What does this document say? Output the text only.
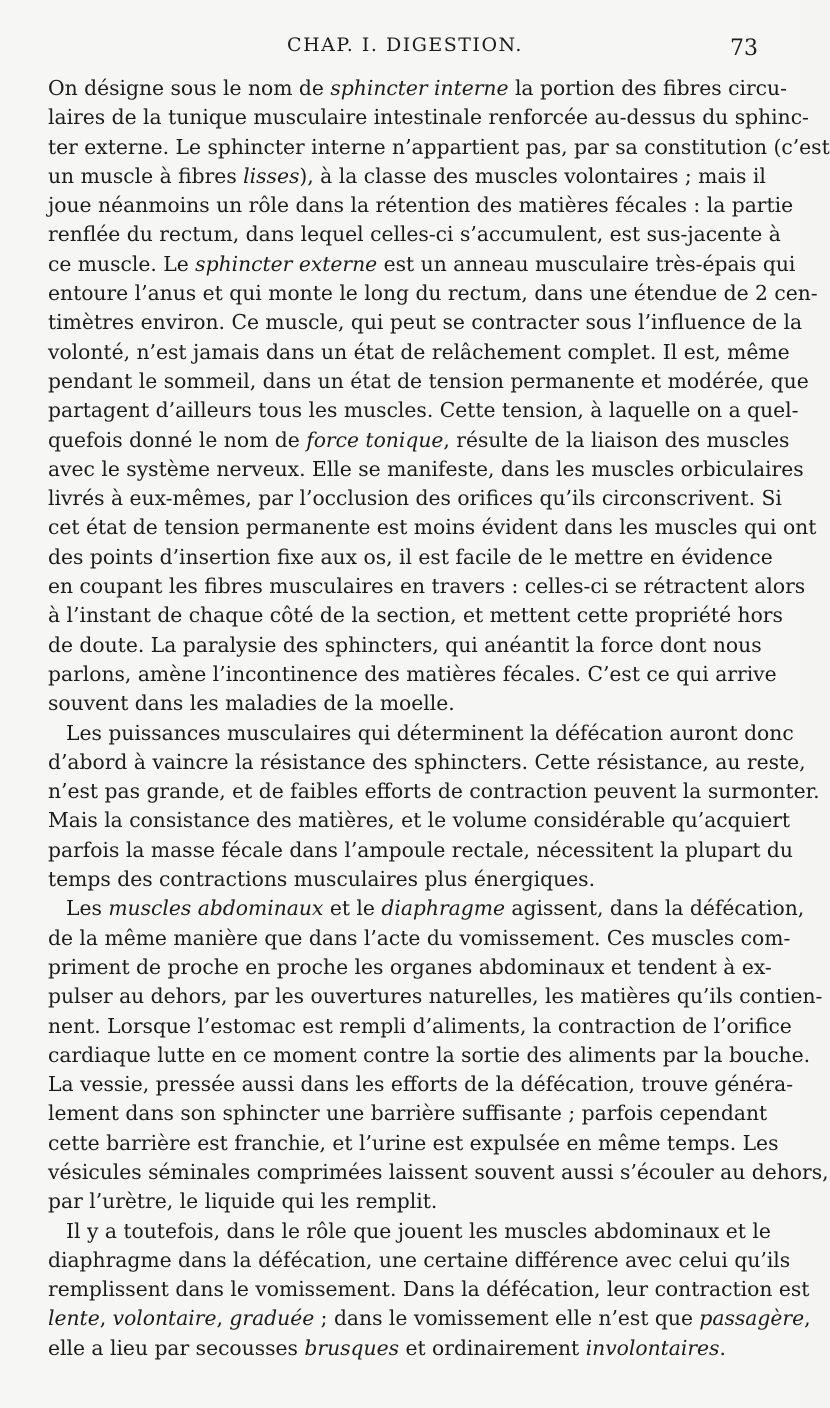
CHAP. I. DIGESTION.	73
On désigne sous le nom de sphincter interne la portion des fibres circu-
laires de la tunique musculaire intestinale renforcée au-dessus du sphinc-
ter externe. Le sphincter interne n’appartient pas, par sa constitution (c’est
un muscle à fibres lisses), à la classe des muscles volontaires ; mais il
joue néanmoins un rôle dans la rétention des matières fécales : la partie
renflée du rectum, dans lequel celles-ci s’accumulent, est sus-jacente à
ce muscle. Le sphincter externe est un anneau musculaire très-épais qui
entoure l’anus et qui monte le long du rectum, dans une étendue de 2 cen-
timètres environ. Ce muscle, qui peut se contracter sous l’influence de la
volonté, n’est jamais dans un état de relâchement complet. Il est, même
pendant le sommeil, dans un état de tension permanente et modérée, que
partagent d’ailleurs tous les muscles. Cette tension, à laquelle on a quel-
quefois donné le nom de force tonique, résulte de la liaison des muscles
avec le système nerveux. Elle se manifeste, dans les muscles orbiculaires
livrés à eux-mêmes, par l’occlusion des orifices qu’ils circonscrivent. Si
cet état de tension permanente est moins évident dans les muscles qui ont
des points d’insertion fixe aux os, il est facile de le mettre en évidence
en coupant les fibres musculaires en travers : celles-ci se rétractent alors
à l’instant de chaque côté de la section, et mettent cette propriété hors
de doute. La paralysie des sphincters, qui anéantit la force dont nous
parlons, amène l’incontinence des matières fécales. C’est ce qui arrive
souvent dans les maladies de la moelle.
Les puissances musculaires qui déterminent la défécation auront donc
d’abord à vaincre la résistance des sphincters. Cette résistance, au reste,
n’est pas grande, et de faibles efforts de contraction peuvent la surmonter.
Mais la consistance des matières, et le volume considérable qu’acquiert
parfois la masse fécale dans l’ampoule rectale, nécessitent la plupart du
temps des contractions musculaires plus énergiques.
Les muscles abdominaux et le diaphragme agissent, dans la défécation,
de la même manière que dans l’acte du vomissement. Ces muscles com-
priment de proche en proche les organes abdominaux et tendent à ex-
pulser au dehors, par les ouvertures naturelles, les matières qu’ils contien-
nent. Lorsque l’estomac est rempli d’aliments, la contraction de l’orifice
cardiaque lutte en ce moment contre la sortie des aliments par la bouche.
La vessie, pressée aussi dans les efforts de la défécation, trouve généra-
lement dans son sphincter une barrière suffisante ; parfois cependant
cette barrière est franchie, et l’urine est expulsée en même temps. Les
vésicules séminales comprimées laissent souvent aussi s’écouler au dehors,
par l’urètre, le liquide qui les remplit.
Il y a toutefois, dans le rôle que jouent les muscles abdominaux et le
diaphragme dans la défécation, une certaine différence avec celui qu’ils
remplissent dans le vomissement. Dans la défécation, leur contraction est
lente, volontaire, graduée ; dans le vomissement elle n’est que passagère,
elle a lieu par secousses brusques et ordinairement involontaires.
